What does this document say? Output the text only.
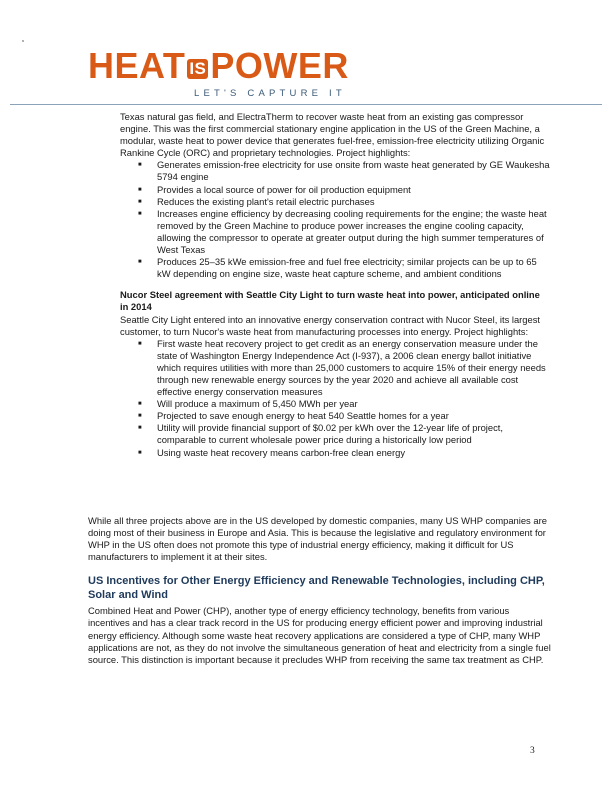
HEAT IS POWER
LET'S CAPTURE IT

Texas natural gas field, and ElectraTherm to recover waste heat from an existing gas compressor engine. This was the first commercial stationary engine application in the US of the Green Machine, a modular, waste heat to power device that generates fuel-free, emission-free electricity utilizing Organic Rankine Cycle (ORC) and proprietary technologies. Project highlights:

■ Generates emission-free electricity for use onsite from waste heat generated by GE Waukesha 5794 engine
■ Provides a local source of power for oil production equipment
■ Reduces the existing plant's retail electric purchases
■ Increases engine efficiency by decreasing cooling requirements for the engine; the waste heat removed by the Green Machine to produce power increases the engine cooling capacity, allowing the compressor to operate at greater output during the high summer temperatures of West Texas
■ Produces 25–35 kWe emission-free and fuel free electricity; similar projects can be up to 65 kW depending on engine size, waste heat capture scheme, and ambient conditions

Nucor Steel agreement with Seattle City Light to turn waste heat into power, anticipated online in 2014

Seattle City Light entered into an innovative energy conservation contract with Nucor Steel, its largest customer, to turn Nucor's waste heat from manufacturing processes into energy. Project highlights:

■ First waste heat recovery project to get credit as an energy conservation measure under the state of Washington Energy Independence Act (I-937), a 2006 clean energy ballot initiative which requires utilities with more than 25,000 customers to acquire 15% of their energy needs through new renewable energy sources by the year 2020 and achieve all available cost effective energy conservation measures
■ Will produce a maximum of 5,450 MWh per year
■ Projected to save enough energy to heat 540 Seattle homes for a year
■ Utility will provide financial support of $0.02 per kWh over the 12-year life of project, comparable to current wholesale power price during a historically low period
■ Using waste heat recovery means carbon-free clean energy

While all three projects above are in the US developed by domestic companies, many US WHP companies are doing most of their business in Europe and Asia. This is because the legislative and regulatory environment for WHP in the US often does not promote this type of industrial energy efficiency, making it difficult for US manufacturers to implement it at their sites.

US Incentives for Other Energy Efficiency and Renewable Technologies, including CHP, Solar and Wind

Combined Heat and Power (CHP), another type of energy efficiency technology, benefits from various incentives and has a clear track record in the US for producing energy efficient power and improving industrial energy efficiency. Although some waste heat recovery applications are considered a type of CHP, many WHP applications are not, as they do not involve the simultaneous generation of heat and electricity from a single fuel source. This distinction is important because it precludes WHP from receiving the same tax treatment as CHP.

3
